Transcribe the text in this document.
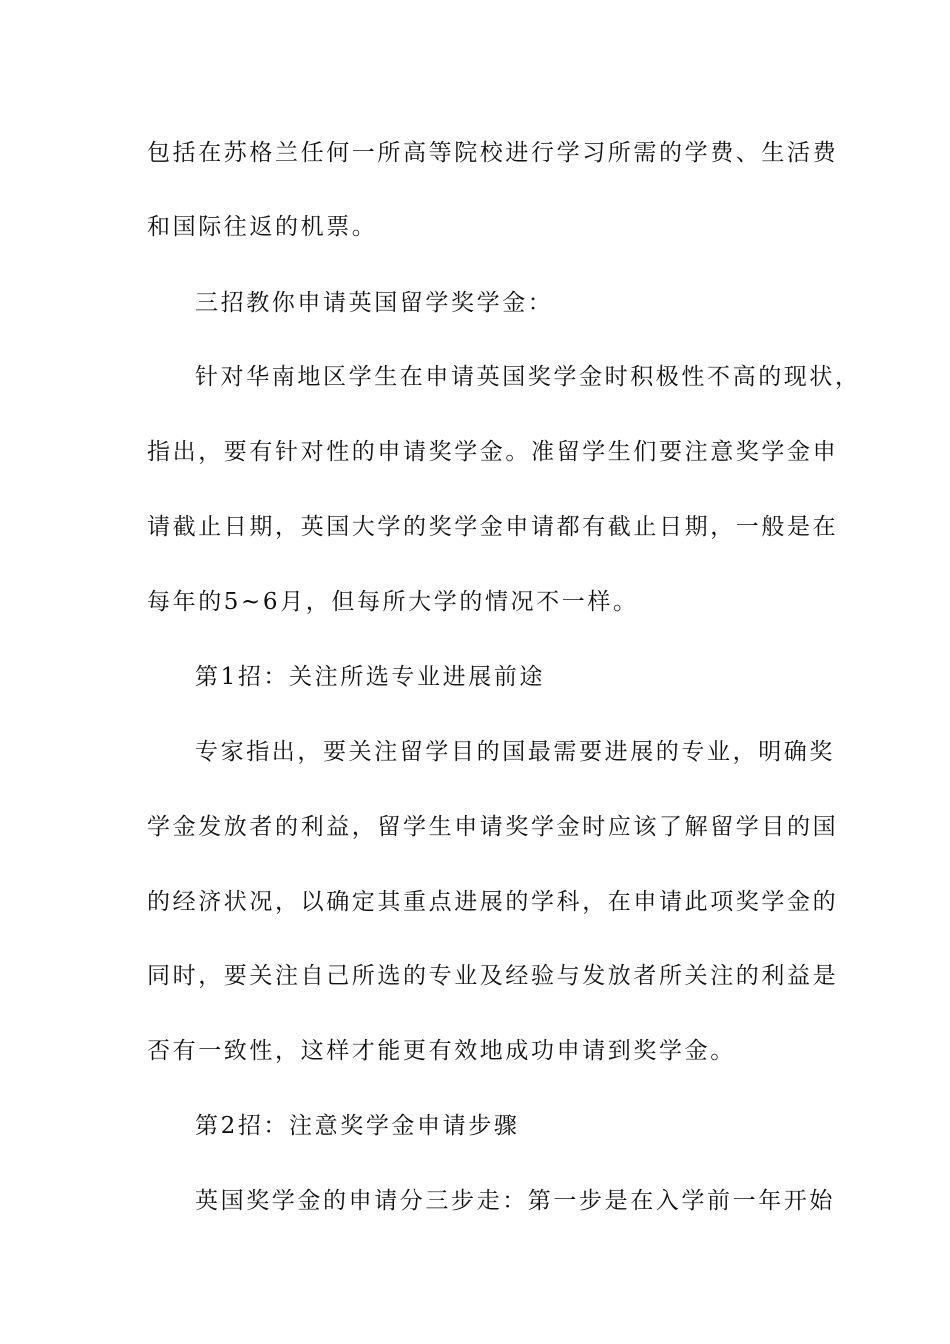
包括在苏格兰任何一所高等院校进行学习所需的学费、生活费
和国际往返的机票。
三招教你申请英国留学奖学金：
针对华南地区学生在申请英国奖学金时积极性不高的现状，
指出，要有针对性的申请奖学金。准留学生们要注意奖学金申
请截止日期，英国大学的奖学金申请都有截止日期，一般是在
每年的5~6月，但每所大学的情况不一样。
第1招：关注所选专业进展前途
专家指出，要关注留学目的国最需要进展的专业，明确奖
学金发放者的利益，留学生申请奖学金时应该了解留学目的国
的经济状况，以确定其重点进展的学科，在申请此项奖学金的
同时，要关注自己所选的专业及经验与发放者所关注的利益是
否有一致性，这样才能更有效地成功申请到奖学金。
第2招：注意奖学金申请步骤
英国奖学金的申请分三步走：第一步是在入学前一年开始
